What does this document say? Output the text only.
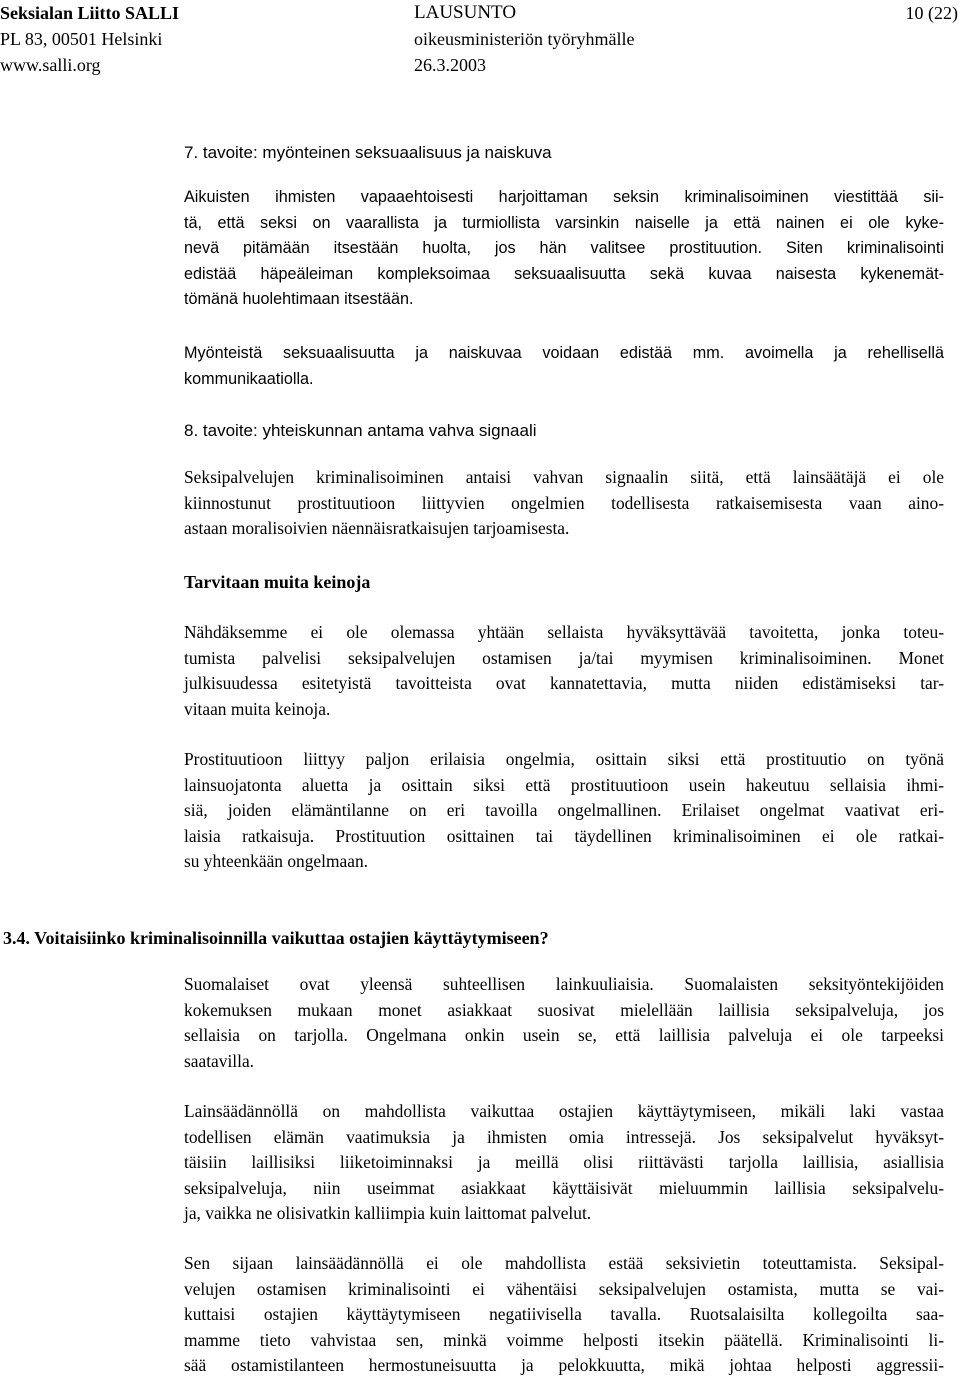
Seksialan Liitto SALLI
PL 83, 00501 Helsinki
www.salli.org
LAUSUNTO
oikeusministeriön työryhmälle
26.3.2003
10 (22)
7. tavoite: myönteinen seksuaalisuus ja naiskuva
Aikuisten ihmisten vapaaehtoisesti harjoittaman seksin kriminalisoiminen viestittää sii-
tä, että seksi on vaarallista ja turmiollista varsinkin naiselle ja että nainen ei ole kyke-
nevä pitämään itsestään huolta, jos hän valitsee prostituution. Siten kriminalisointi
edistää häpeäleiman kompleksoimaa seksuaalisuutta sekä kuvaa naisesta kykenemät-
tömänä huolehtimaan itsestään.
Myönteistä seksuaalisuutta ja naiskuvaa voidaan edistää mm. avoimella ja rehellisellä
kommunikaatiolla.
8. tavoite: yhteiskunnan antama vahva signaali
Seksipalvelujen kriminalisoiminen antaisi vahvan signaalin siitä, että lainsäätäjä ei ole
kiinnostunut prostituutioon liittyvien ongelmien todellisesta ratkaisemisesta vaan aino-
astaan moralisoivien näennäisratkaisujen tarjoamisesta.
Tarvitaan muita keinoja
Nähdäksemme ei ole olemassa yhtään sellaista hyväksyttävää tavoitetta, jonka toteu-
tumista palvelisi seksipalvelujen ostamisen ja/tai myymisen kriminalisoiminen. Monet
julkisuudessa esitetyistä tavoitteista ovat kannatettavia, mutta niiden edistämiseksi tar-
vitaan muita keinoja.
Prostituutioon liittyy paljon erilaisia ongelmia, osittain siksi että prostituutio on työnä
lainsuojatonta aluetta ja osittain siksi että prostituutioon usein hakeutuu sellaisia ihmi-
siä, joiden elämäntilanne on eri tavoilla ongelmallinen. Erilaiset ongelmat vaativat eri-
laisia ratkaisuja. Prostituution osittainen tai täydellinen kriminalisoiminen ei ole ratkai-
su yhteenkään ongelmaan.
3.4. Voitaisiinko kriminalisoinnilla vaikuttaa ostajien käyttäytymiseen?
Suomalaiset ovat yleensä suhteellisen lainkuuliaisia. Suomalaisten seksityöntekijöiden
kokemuksen mukaan monet asiakkaat suosivat mielellään laillisia seksipalveluja, jos
sellaisia on tarjolla. Ongelmana onkin usein se, että laillisia palveluja ei ole tarpeeksi
saatavilla.
Lainsäädännöllä on mahdollista vaikuttaa ostajien käyttäytymiseen, mikäli laki vastaa
todellisen elämän vaatimuksia ja ihmisten omia intressejä. Jos seksipalvelut hyväksyt-
täisiin laillisiksi liiketoiminnaksi ja meillä olisi riittävästi tarjolla laillisia, asiallisia
seksipalveluja, niin useimmat asiakkaat käyttäisivät mieluummin laillisia seksipalvelu-
ja, vaikka ne olisivatkin kalliimpia kuin laittomat palvelut.
Sen sijaan lainsäädännöllä ei ole mahdollista estää seksivietin toteuttamista. Seksipal-
velujen ostamisen kriminalisointi ei vähentäisi seksipalvelujen ostamista, mutta se vai-
kuttaisi ostajien käyttäytymiseen negatiivisella tavalla. Ruotsalaisilta kollegoilta saa-
mamme tieto vahvistaa sen, minkä voimme helposti itsekin päätellä. Kriminalisointi li-
sää ostamistilanteen hermostuneisuutta ja pelokkuutta, mikä johtaa helposti aggressii-
